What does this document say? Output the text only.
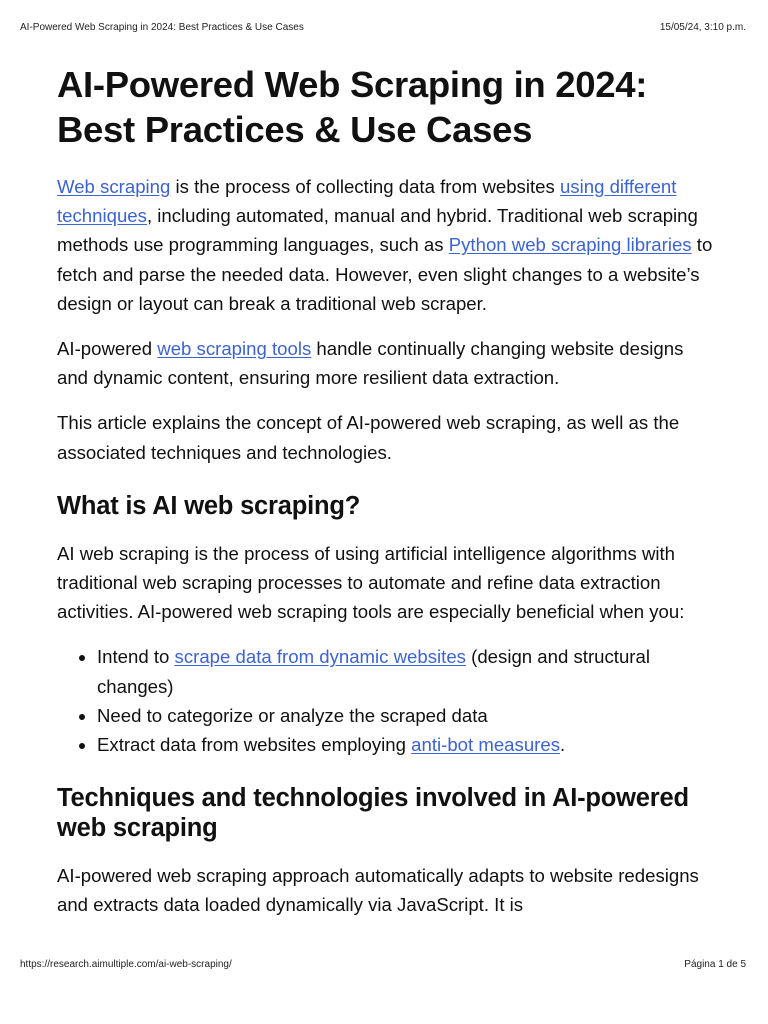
AI-Powered Web Scraping in 2024: Best Practices & Use Cases	15/05/24, 3:10 p.m.
AI-Powered Web Scraping in 2024:
Best Practices & Use Cases

Web scraping is the process of collecting data from websites using different techniques, including automated, manual and hybrid. Traditional web scraping methods use programming languages, such as Python web scraping libraries to fetch and parse the needed data. However, even slight changes to a website’s design or layout can break a traditional web scraper.

AI-powered web scraping tools handle continually changing website designs and dynamic content, ensuring more resilient data extraction.

This article explains the concept of AI-powered web scraping, as well as the associated techniques and technologies.

What is AI web scraping?

AI web scraping is the process of using artificial intelligence algorithms with traditional web scraping processes to automate and refine data extraction activities. AI-powered web scraping tools are especially beneficial when you:

• Intend to scrape data from dynamic websites (design and structural changes)
• Need to categorize or analyze the scraped data
• Extract data from websites employing anti-bot measures.
Techniques and technologies involved in AI-powered web scraping

AI-powered web scraping approach automatically adapts to website redesigns and extracts data loaded dynamically via JavaScript. It is

https://research.aimultiple.com/ai-web-scraping/	Página 1 de 5
